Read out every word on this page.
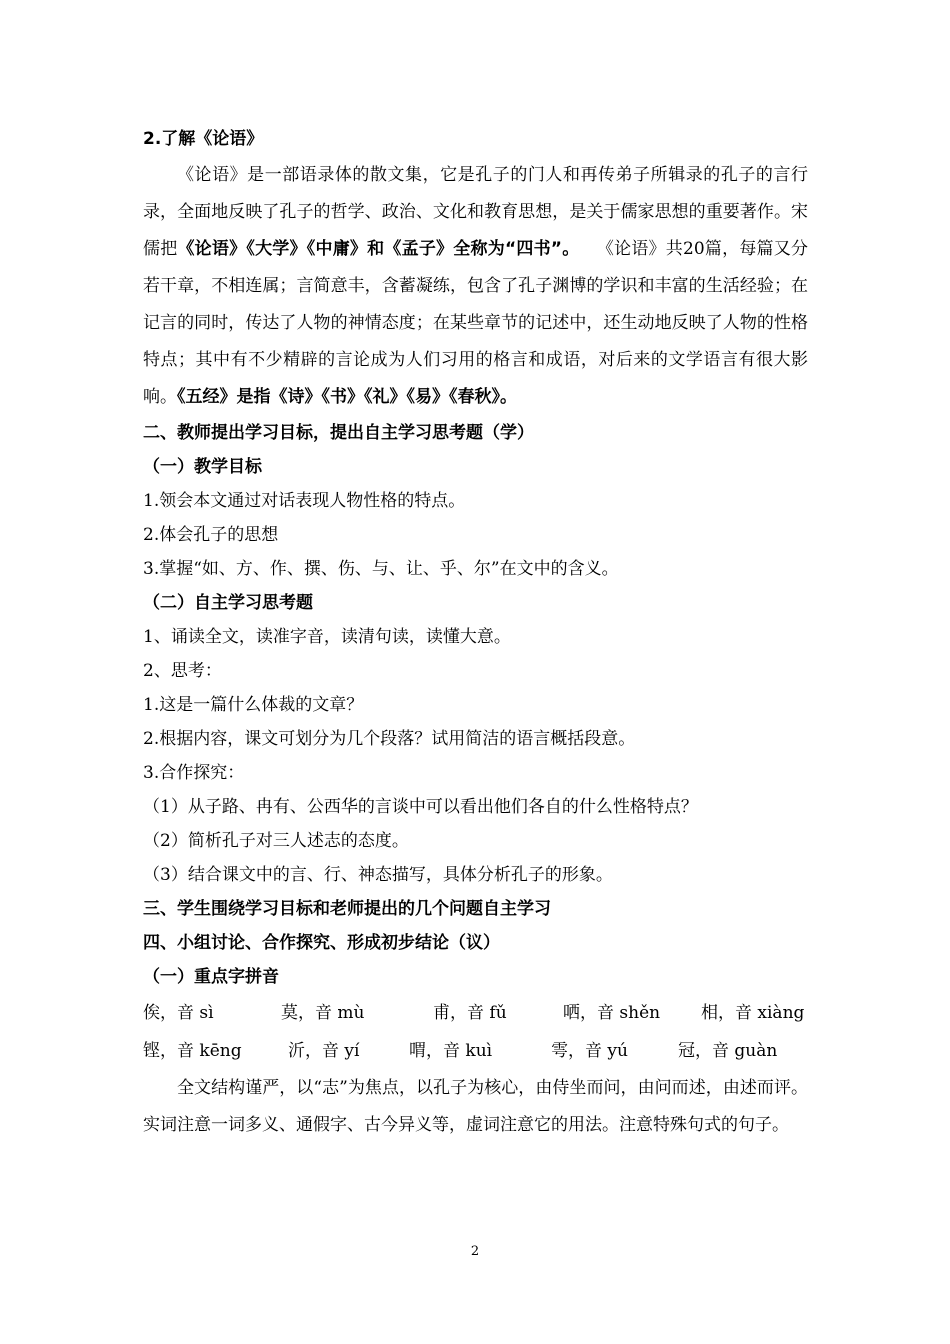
2.了解《论语》
《论语》是一部语录体的散文集，它是孔子的门人和再传弟子所辑录的孔子的言行录，全面地反映了孔子的哲学、政治、文化和教育思想，是关于儒家思想的重要著作。宋儒把《论语》《大学》《中庸》和《孟子》全称为“四书”。　　《论语》共20篇，每篇又分若干章，不相连属；言简意丰，含蓄凝练，包含了孔子渊博的学识和丰富的生活经验；在记言的同时，传达了人物的神情态度；在某些章节的记述中，还生动地反映了人物的性格特点；其中有不少精辟的言论成为人们习用的格言和成语，对后来的文学语言有很大影响。《五经》是指《诗》《书》《礼》《易》《春秋》。
二、教师提出学习目标，提出自主学习思考题（学）
（一）教学目标
1.领会本文通过对话表现人物性格的特点。
2.体会孔子的思想
3.掌握“如、方、作、撰、伤、与、让、乎、尔”在文中的含义。
（二）自主学习思考题
1、诵读全文，读准字音，读清句读，读懂大意。
2、思考：
1.这是一篇什么体裁的文章？
2.根据内容，课文可划分为几个段落？试用简洁的语言概括段意。
3.合作探究：
（1）从子路、冉有、公西华的言谈中可以看出他们各自的什么性格特点？
（2）简析孔子对三人述志的态度。
（3）结合课文中的言、行、神态描写，具体分析孔子的形象。
三、学生围绕学习目标和老师提出的几个问题自主学习
四、小组讨论、合作探究、形成初步结论（议）
（一）重点字拼音
俟，音 sì	莫，音 mù	甫，音 fǔ	哂，音 shěn 相，音 xiàng
铿，音 kēng	沂，音 yí	喟，音 kuì	雩，音 yú	冠，音 guàn
全文结构谨严，以“志”为焦点，以孔子为核心，由侍坐而问，由问而述，由述而评。实词注意一词多义、通假字、古今异义等，虚词注意它的用法。注意特殊句式的句子。
2
